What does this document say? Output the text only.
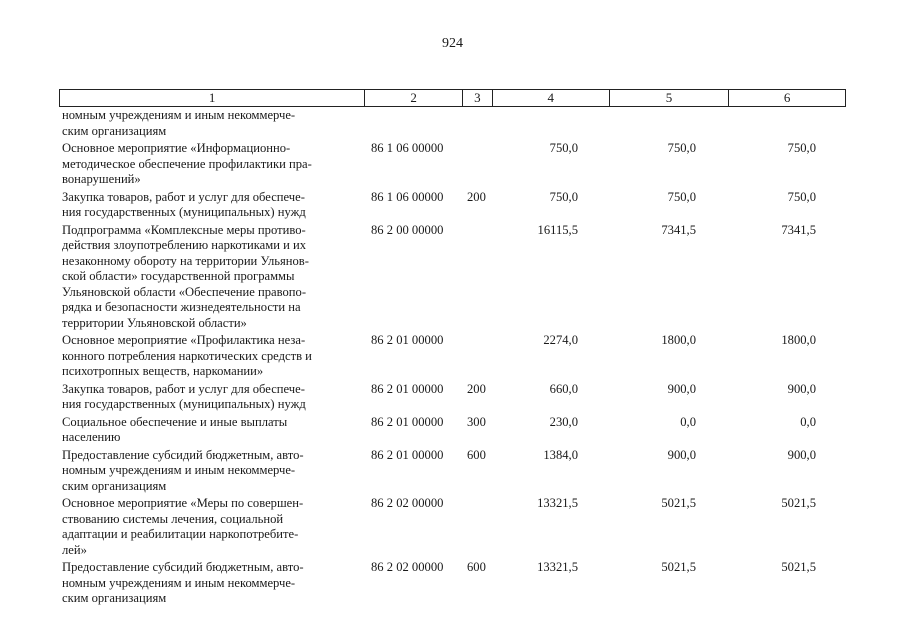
924
1	2	3	4	5	6
номным учреждениям и иным некоммерче-
ским организациям
Основное мероприятие «Информационно-
методическое обеспечение профилактики пра-
вонарушений»
86 1 06 00000	750,0	750,0	750,0
Закупка товаров, работ и услуг для обеспече-
ния государственных (муниципальных) нужд
86 1 06 00000 200	750,0	750,0	750,0
Подпрограмма «Комплексные меры противо-
действия злоупотреблению наркотиками и их
незаконному обороту на территории Ульянов-
ской области» государственной программы
Ульяновской области «Обеспечение правопо-
рядка и безопасности жизнедеятельности на
территории Ульяновской области»
86 2 00 00000	16115,5	7341,5	7341,5
Основное мероприятие «Профилактика неза-
конного потребления наркотических средств и
психотропных веществ, наркомании»
86 2 01 00000	2274,0	1800,0	1800,0
Закупка товаров, работ и услуг для обеспече-
ния государственных (муниципальных) нужд
86 2 01 00000 200	660,0	900,0	900,0
Социальное обеспечение и иные выплаты
населению
86 2 01 00000 300	230,0	0,0	0,0
Предоставление субсидий бюджетным, авто-
номным учреждениям и иным некоммерче-
ским организациям
86 2 01 00000 600	1384,0	900,0	900,0
Основное мероприятие «Меры по совершен-
ствованию системы лечения, социальной
адаптации и реабилитации наркопотребите-
лей»
86 2 02 00000	13321,5	5021,5	5021,5
Предоставление субсидий бюджетным, авто-
номным учреждениям и иным некоммерче-
ским организациям
86 2 02 00000 600	13321,5	5021,5	5021,5
